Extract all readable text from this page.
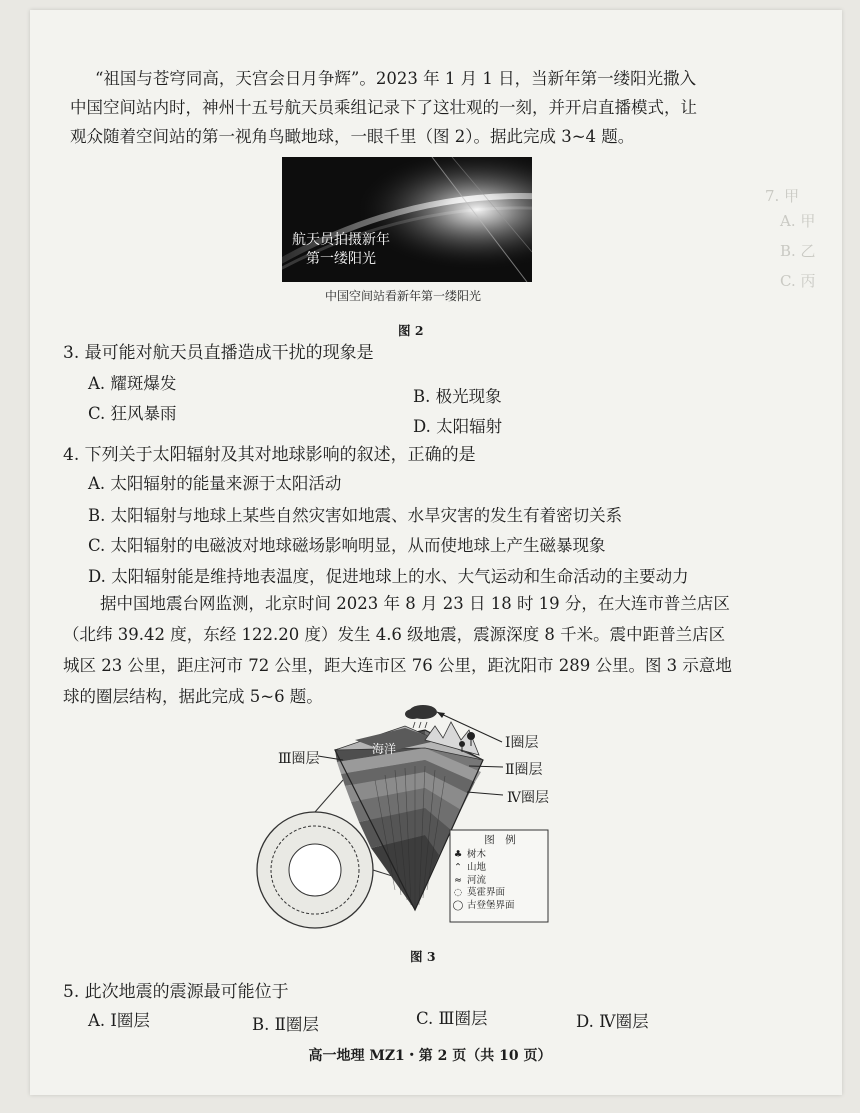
7. 甲
A. 甲
B. 乙
C. 丙
“祖国与苍穹同高，天宫会日月争辉”。2023 年 1 月 1 日，当新年第一缕阳光撒入
中国空间站内时，神州十五号航天员乘组记录下了这壮观的一刻，并开启直播模式，让
观众随着空间站的第一视角鸟瞰地球，一眼千里（图 2）。据此完成 3~4 题。
航天员拍摄新年
第一缕阳光
中国空间站看新年第一缕阳光
图 2
3. 最可能对航天员直播造成干扰的现象是
A. 耀斑爆发
B. 极光现象
C. 狂风暴雨
D. 太阳辐射
4. 下列关于太阳辐射及其对地球影响的叙述，正确的是
A. 太阳辐射的能量来源于太阳活动
B. 太阳辐射与地球上某些自然灾害如地震、水旱灾害的发生有着密切关系
C. 太阳辐射的电磁波对地球磁场影响明显，从而使地球上产生磁暴现象
D. 太阳辐射能是维持地表温度，促进地球上的水、大气运动和生命活动的主要动力
据中国地震台网监测，北京时间 2023 年 8 月 23 日 18 时 19 分，在大连市普兰店区
（北纬 39.42 度，东经 122.20 度）发生 4.6 级地震，震源深度 8 千米。震中距普兰店区
城区 23 公里，距庄河市 72 公里，距大连市区 76 公里，距沈阳市 289 公里。图 3 示意地
球的圈层结构，据此完成 5~6 题。
Ⅰ圈层
Ⅱ圈层
Ⅲ圈层
Ⅳ圈层
海洋
图　例
♣ 树木
⌃ 山地
≈ 河流
◌ 莫霍界面
◯ 古登堡界面
图 3
5. 此次地震的震源最可能位于
A. Ⅰ圈层	B. Ⅱ圈层	C. Ⅲ圈层	D. Ⅳ圈层
高一地理 MZ1・第 2 页（共 10 页）
